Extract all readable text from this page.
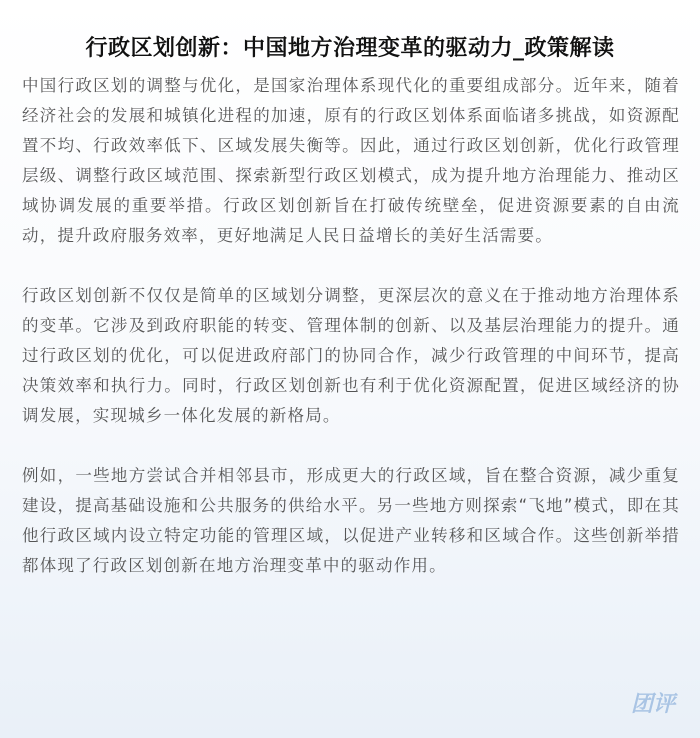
行政区划创新：中国地方治理变革的驱动力_政策解读

中国行政区划的调整与优化，是国家治理体系现代化的重要组成部分。近年来，随着经济社会的发展和城镇化进程的加速，原有的行政区划体系面临诸多挑战，如资源配置不均、行政效率低下、区域发展失衡等。因此，通过行政区划创新，优化行政管理层级、调整行政区域范围、探索新型行政区划模式，成为提升地方治理能力、推动区域协调发展的重要举措。行政区划创新旨在打破传统壁垒，促进资源要素的自由流动，提升政府服务效率，更好地满足人民日益增长的美好生活需要。

行政区划创新不仅仅是简单的区域划分调整，更深层次的意义在于推动地方治理体系的变革。它涉及到政府职能的转变、管理体制的创新、以及基层治理能力的提升。通过行政区划的优化，可以促进政府部门的协同合作，减少行政管理的中间环节，提高决策效率和执行力。同时，行政区划创新也有利于优化资源配置，促进区域经济的协调发展，实现城乡一体化发展的新格局。

例如，一些地方尝试合并相邻县市，形成更大的行政区域，旨在整合资源，减少重复建设，提高基础设施和公共服务的供给水平。另一些地方则探索“飞地”模式，即在其他行政区域内设立特定功能的管理区域，以促进产业转移和区域合作。这些创新举措都体现了行政区划创新在地方治理变革中的驱动作用。

团评
